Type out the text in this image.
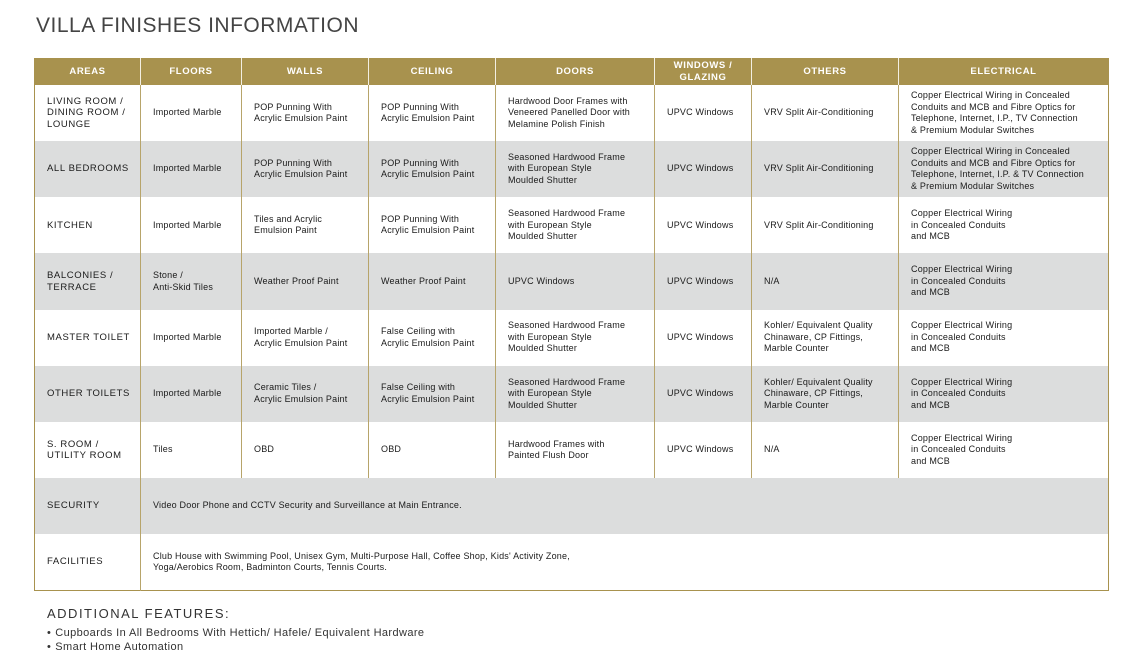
VILLA FINISHES INFORMATION
AREAS	FLOORS	WALLS	CEILING	DOORS	WINDOWS /
GLAZING	OTHERS	ELECTRICAL
LIVING ROOM /
DINING ROOM /
LOUNGE	Imported Marble	POP Punning With
Acrylic Emulsion Paint	POP Punning With
Acrylic Emulsion Paint	Hardwood Door Frames with
Veneered Panelled Door with
Melamine Polish Finish	UPVC Windows	VRV Split Air-Conditioning	Copper Electrical Wiring in Concealed
Conduits and MCB and Fibre Optics for
Telephone, Internet, I.P., TV Connection
& Premium Modular Switches
ALL BEDROOMS	Imported Marble	POP Punning With
Acrylic Emulsion Paint	POP Punning With
Acrylic Emulsion Paint	Seasoned Hardwood Frame
with European Style
Moulded Shutter	UPVC Windows	VRV Split Air-Conditioning	Copper Electrical Wiring in Concealed
Conduits and MCB and Fibre Optics for
Telephone, Internet, I.P. & TV Connection
& Premium Modular Switches
KITCHEN	Imported Marble	Tiles and Acrylic
Emulsion Paint	POP Punning With
Acrylic Emulsion Paint	Seasoned Hardwood Frame
with European Style
Moulded Shutter	UPVC Windows	VRV Split Air-Conditioning	Copper Electrical Wiring
in Concealed Conduits
and MCB
BALCONIES /
TERRACE	Stone /
Anti-Skid Tiles	Weather Proof Paint	Weather Proof Paint	UPVC Windows	UPVC Windows	N/A	Copper Electrical Wiring
in Concealed Conduits
and MCB
MASTER TOILET	Imported Marble	Imported Marble /
Acrylic Emulsion Paint	False Ceiling with
Acrylic Emulsion Paint	Seasoned Hardwood Frame
with European Style
Moulded Shutter	UPVC Windows	Kohler/ Equivalent Quality
Chinaware, CP Fittings,
Marble Counter	Copper Electrical Wiring
in Concealed Conduits
and MCB
OTHER TOILETS	Imported Marble	Ceramic Tiles /
Acrylic Emulsion Paint	False Ceiling with
Acrylic Emulsion Paint	Seasoned Hardwood Frame
with European Style
Moulded Shutter	UPVC Windows	Kohler/ Equivalent Quality
Chinaware, CP Fittings,
Marble Counter	Copper Electrical Wiring
in Concealed Conduits
and MCB
S. ROOM /
UTILITY ROOM	Tiles	OBD	OBD	Hardwood Frames with
Painted Flush Door	UPVC Windows	N/A	Copper Electrical Wiring
in Concealed Conduits
and MCB
SECURITY	Video Door Phone and CCTV Security and Surveillance at Main Entrance.						
FACILITIES	Club House with Swimming Pool, Unisex Gym, Multi-Purpose Hall, Coffee Shop, Kids' Activity Zone,
Yoga/Aerobics Room, Badminton Courts, Tennis Courts.						
ADDITIONAL FEATURES:
• Cupboards In All Bedrooms With Hettich/ Hafele/ Equivalent Hardware
• Smart Home Automation
